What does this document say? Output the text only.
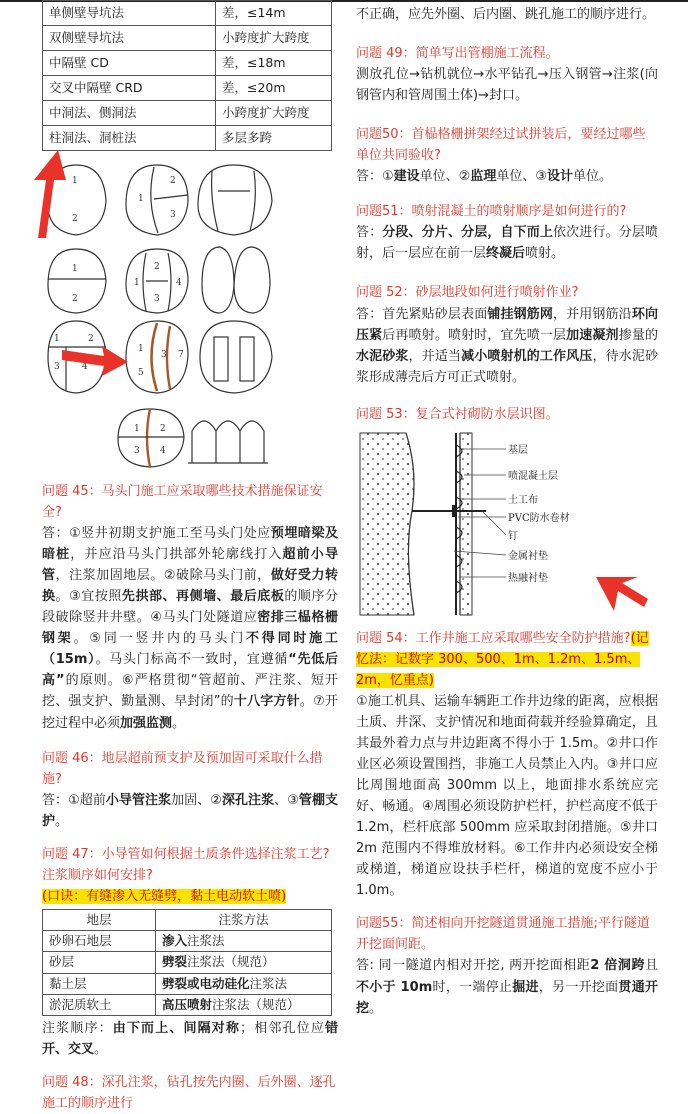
单侧壁导坑法	差，≤14m
双侧壁导坑法	小跨度扩大跨度
中隔壁 CD	差，≤18m
交叉中隔壁 CRD	差，≤20m
中洞法、侧洞法	小跨度扩大跨度
柱洞法、洞桩法	多层多跨
1
2
1
2
3
1
2
1
2
3
4
1	2
3 4
1
5
3 7
1 2
3 4

问题 45：马头门施工应采取哪些技术措施保证安全?

答：①竖井初期支护施工至马头门处应预埋暗梁及暗桩，并应沿马头门拱部外轮廓线打入超前小导管，注浆加固地层。②破除马头门前，做好受力转换。③宜按照先拱部、再侧墙、最后底板的顺序分段破除竖井井壁。④马头门处隧道应密排三榀格栅钢架。⑤同一竖井内的马头门不得同时施工（15m）。马头门标高不一致时，宜遵循“先低后高”的原则。⑥严格贯彻“管超前、严注浆、短开挖、强支护、勤量测、早封闭”的十八字方针。⑦开挖过程中必须加强监测。

问题 46：地层超前预支护及预加固可采取什么措施?

答：①超前小导管注浆加固、②深孔注浆、③管棚支护。

问题 47：小导管如何根据土质条件选择注浆工艺? 注浆顺序如何安排?

(口诀：有缝渗入无缝劈，黏土电动软土喷)

地层	注浆方法
砂卵石地层	渗入注浆法
砂层	劈裂注浆法（规范）
黏土层	劈裂或电动硅化注浆法
淤泥质软土	高压喷射注浆法（规范）

注浆顺序：由下而上、间隔对称；相邻孔位应错开、交叉。

问题 48：深孔注浆，钻孔按先内圈、后外圈、逐孔施工的顺序进行

不正确，应先外圈、后内圈、跳孔施工的顺序进行。

问题 49：简单写出管棚施工流程。

测放孔位→钻机就位→水平钻孔→压入钢管→注浆(向钢管内和管周围土体)→封口。

问题50：首榀格栅拼架经过试拼装后，要经过哪些单位共同验收?

答：①建设单位、②监理单位、③设计单位。

问题51：喷射混凝土的喷射顺序是如何进行的?

答：分段、分片、分层，自下而上依次进行。分层喷射，后一层应在前一层终凝后喷射。

问题 52：砂层地段如何进行喷射作业?

答：首先紧贴砂层表面铺挂钢筋网，并用钢筋沿环向压紧后再喷射。喷射时，宜先喷一层加速凝剂掺量的水泥砂浆，并适当减小喷射机的工作风压，待水泥砂浆形成薄壳后方可正式喷射。

问题 53：复合式衬砌防水层识图。

基层
喷混凝土层
土工布
PVC防水卷材
钉
金属衬垫
热融衬垫

问题 54：工作井施工应采取哪些安全防护措施?(记忆法：记数字 300、500、1m、1.2m、1.5m、2m，忆重点)

①施工机具、运输车辆距工作井边缘的距离，应根据土质、井深、支护情况和地面荷载并经验算确定，且其最外着力点与井边距离不得小于 1.5m。②井口作业区必须设置围挡，非施工人员禁止入内。③井口应比周围地面高 300mm 以上，地面排水系统应完好、畅通。④周围必须设防护栏杆，护栏高度不低于 1.2m，栏杆底部 500mm 应采取封闭措施。⑤井口 2m 范围内不得堆放材料。⑥工作井内必须设安全梯或梯道，梯道应设扶手栏杆，梯道的宽度不应小于 1.0m。

问题55：简述相向开挖隧道贯通施工措施;平行隧道开挖面间距。

答: 同一隧道内相对开挖, 两开挖面相距2 倍洞跨且不小于 10m时，一端停止掘进，另一开挖面贯通开挖。
